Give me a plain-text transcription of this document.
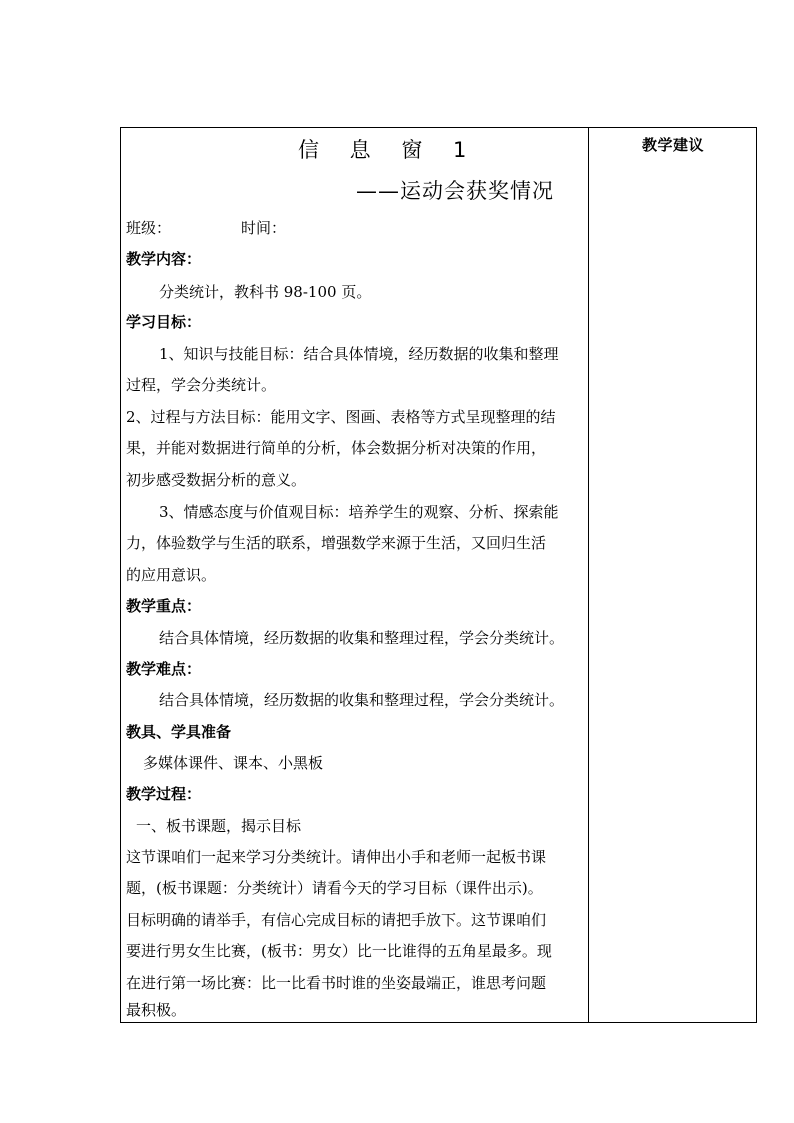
教学建议
信 息 窗 1
——运动会获奖情况
班级：	时间：
教学内容：
分类统计，教科书 98-100 页。
学习目标：
1、知识与技能目标：结合具体情境，经历数据的收集和整理
过程，学会分类统计。
2、过程与方法目标：能用文字、图画、表格等方式呈现整理的结
果，并能对数据进行简单的分析，体会数据分析对决策的作用，
初步感受数据分析的意义。
3、情感态度与价值观目标：培养学生的观察、分析、探索能
力，体验数学与生活的联系，增强数学来源于生活，又回归生活
的应用意识。
教学重点：
结合具体情境，经历数据的收集和整理过程，学会分类统计。
教学难点：
结合具体情境，经历数据的收集和整理过程，学会分类统计。
教具、学具准备
多媒体课件、课本、小黑板
教学过程：
一、板书课题，揭示目标
这节课咱们一起来学习分类统计。请伸出小手和老师一起板书课
题，(板书课题：分类统计）请看今天的学习目标（课件出示)。
目标明确的请举手，有信心完成目标的请把手放下。这节课咱们
要进行男女生比赛，(板书：男女）比一比谁得的五角星最多。现
在进行第一场比赛：比一比看书时谁的坐姿最端正，谁思考问题
最积极。
